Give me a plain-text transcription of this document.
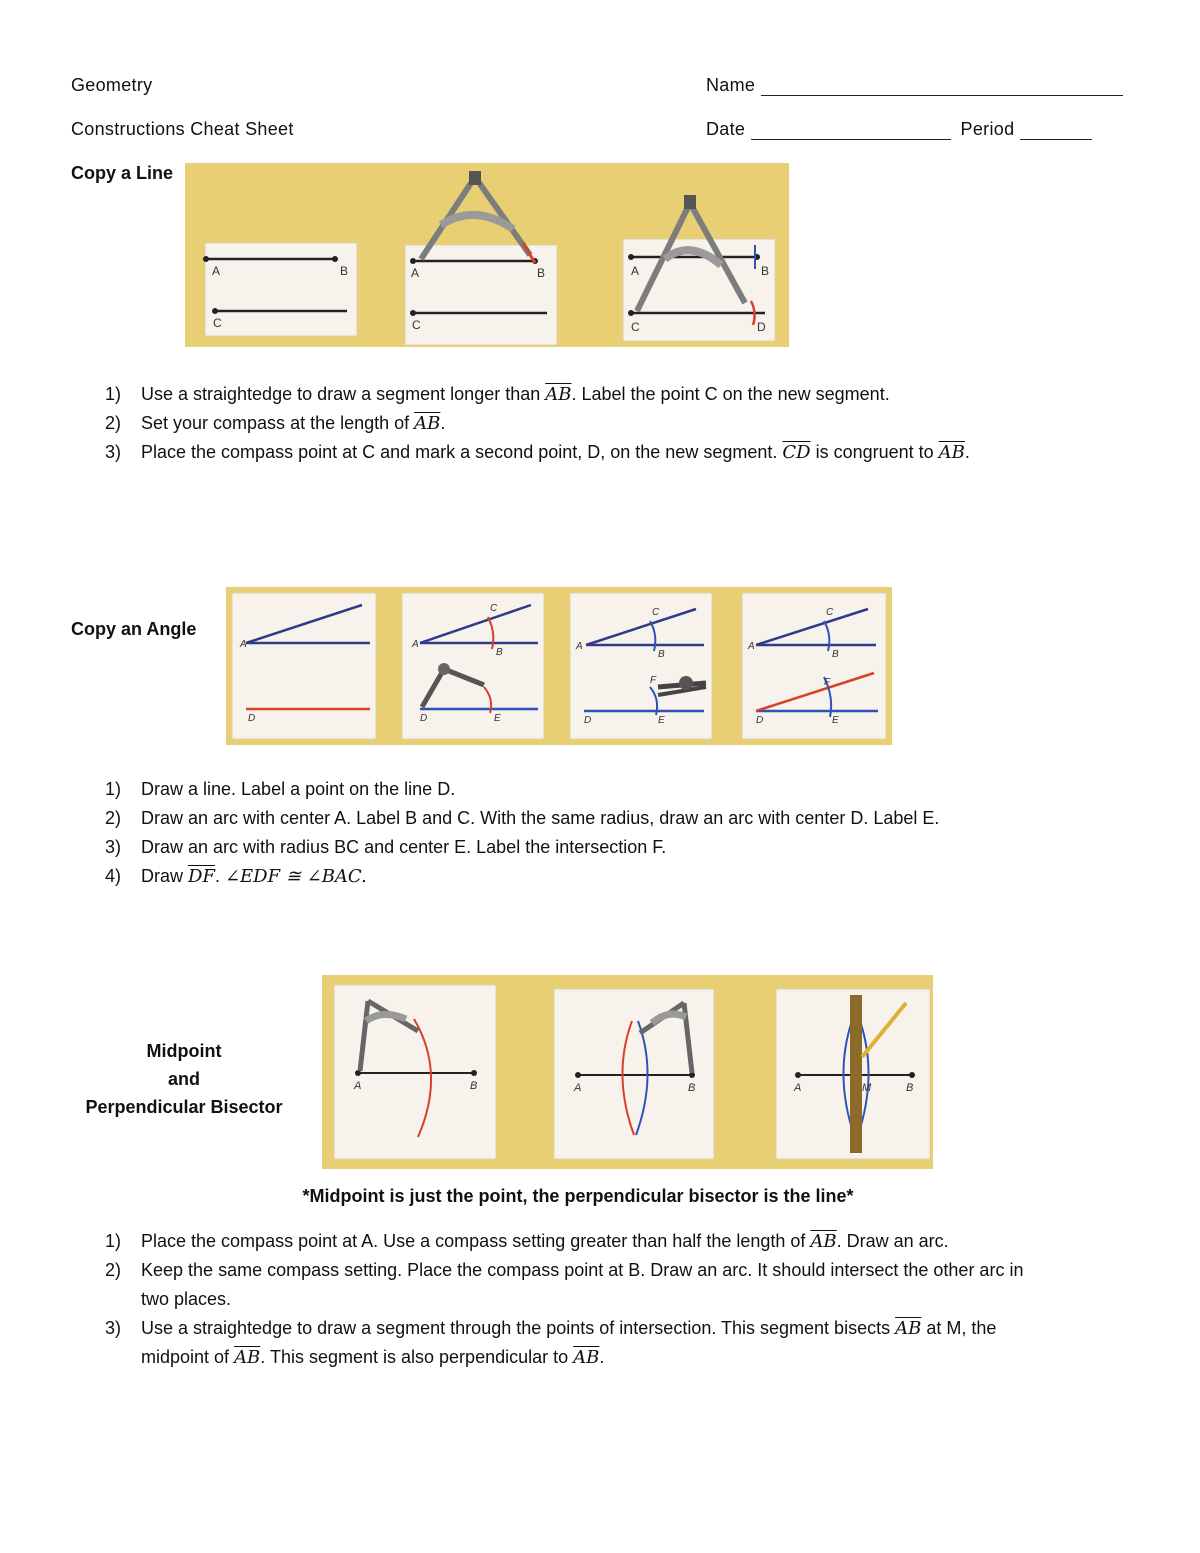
Geometry
Constructions Cheat Sheet
Name
Date	Period
Copy a Line
A	B
C
A	B
C
A	B
C	D
1) Use a straightedge to draw a segment longer than $\overline{AB}$. Label the point C on the new segment.
2) Set your compass at the length of $\overline{AB}$.
3) Place the compass point at C and mark a second point, D, on the new segment. $\overline{CD}$ is congruent to $\overline{AB}$.
Copy an Angle
A
D
A
C
B
D	E
A
C
B
F
D	E
A
C
B
F
D	E
1) Draw a line. Label a point on the line D.
2) Draw an arc with center A. Label B and C. With the same radius, draw an arc with center D. Label E.
3) Draw an arc with radius BC and center E. Label the intersection F.
4) Draw $\overline{DF}$. ∠EDF ≅ ∠BAC.
Midpoint
and
Perpendicular Bisector
A	B	A	B	A	M	B
*Midpoint is just the point, the perpendicular bisector is the line*
1) Place the compass point at A. Use a compass setting greater than half the length of $\overline{AB}$. Draw an arc.
2) Keep the same compass setting. Place the compass point at B. Draw an arc. It should intersect the other arc in
two places.
3) Use a straightedge to draw a segment through the points of intersection. This segment bisects $\overline{AB}$ at M, the
midpoint of $\overline{AB}$. This segment is also perpendicular to $\overline{AB}$.
